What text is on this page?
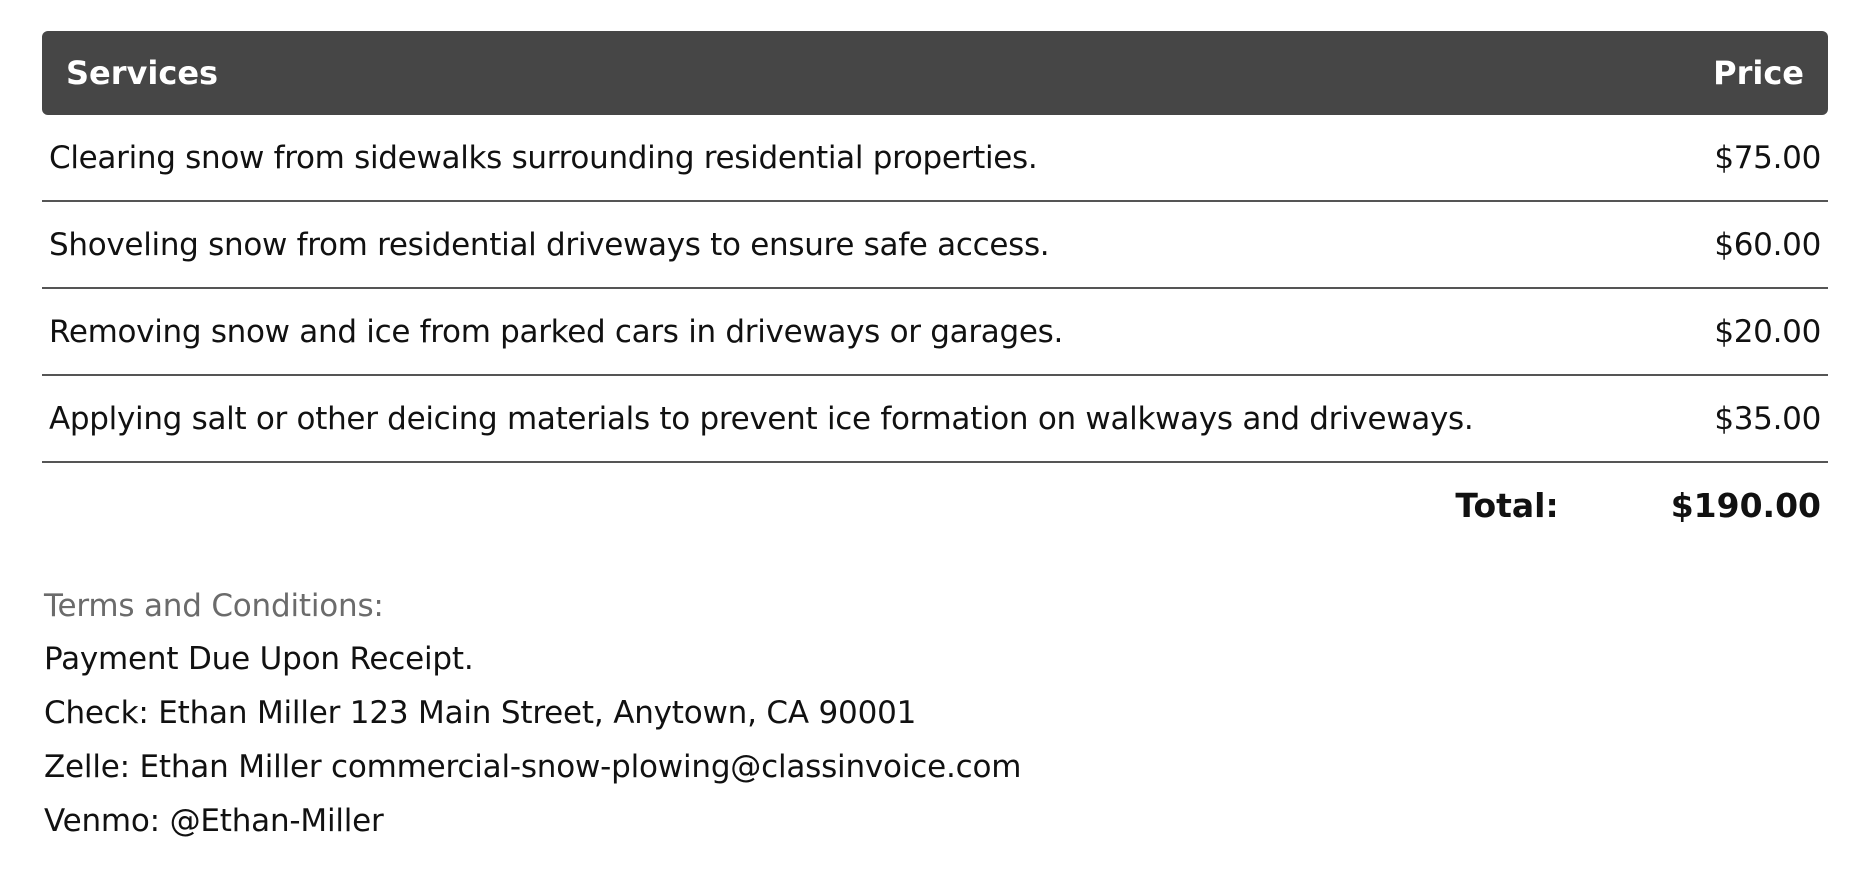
Services	Price
Clearing snow from sidewalks surrounding residential properties.	$75.00
Shoveling snow from residential driveways to ensure safe access.	$60.00
Removing snow and ice from parked cars in driveways or garages.	$20.00
Applying salt or other deicing materials to prevent ice formation on walkways and driveways.	$35.00
Total:	$190.00
Terms and Conditions:
Payment Due Upon Receipt.
Check: Ethan Miller 123 Main Street, Anytown, CA 90001
Zelle: Ethan Miller commercial-snow-plowing@classinvoice.com
Venmo: @Ethan-Miller
